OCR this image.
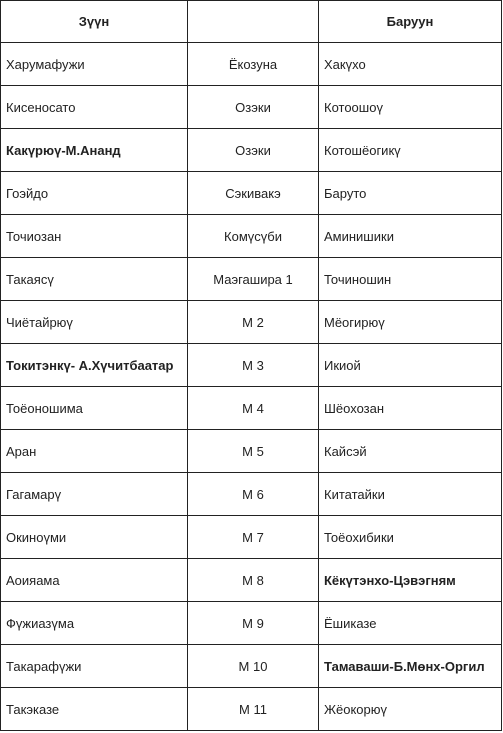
Зүүн		Баруун
Харумафужи	Ёкозуна	Хакүхо
Кисеносато	Озэки	Котоошоү
Какүрюү-М.Ананд	Озэки	Котошёогикү
Гоэйдо	Сэкивакэ	Баруто
Точиозан	Комүсүби	Аминишики
Такаясү	Маэгашира 1	Точиношин
Чиётайрюү	М 2	Мёогирюү
Токитэнкү- А.Хүчитбаатар	М 3	Икиой
Тоёоношима	М 4	Шёохозан
Аран	М 5	Кайсэй
Гагамарү	М 6	Китатайки
Окиноүми	М 7	Тоёохибики
Аоияама	М 8	Кёкүтэнхо-Цэвэгням
Фүжиазүма	М 9	Ёшиказе
Такарафүжи	М 10	Тамаваши-Б.Мөнх-Оргил
Такэказе	М 11	Жёокорюү
